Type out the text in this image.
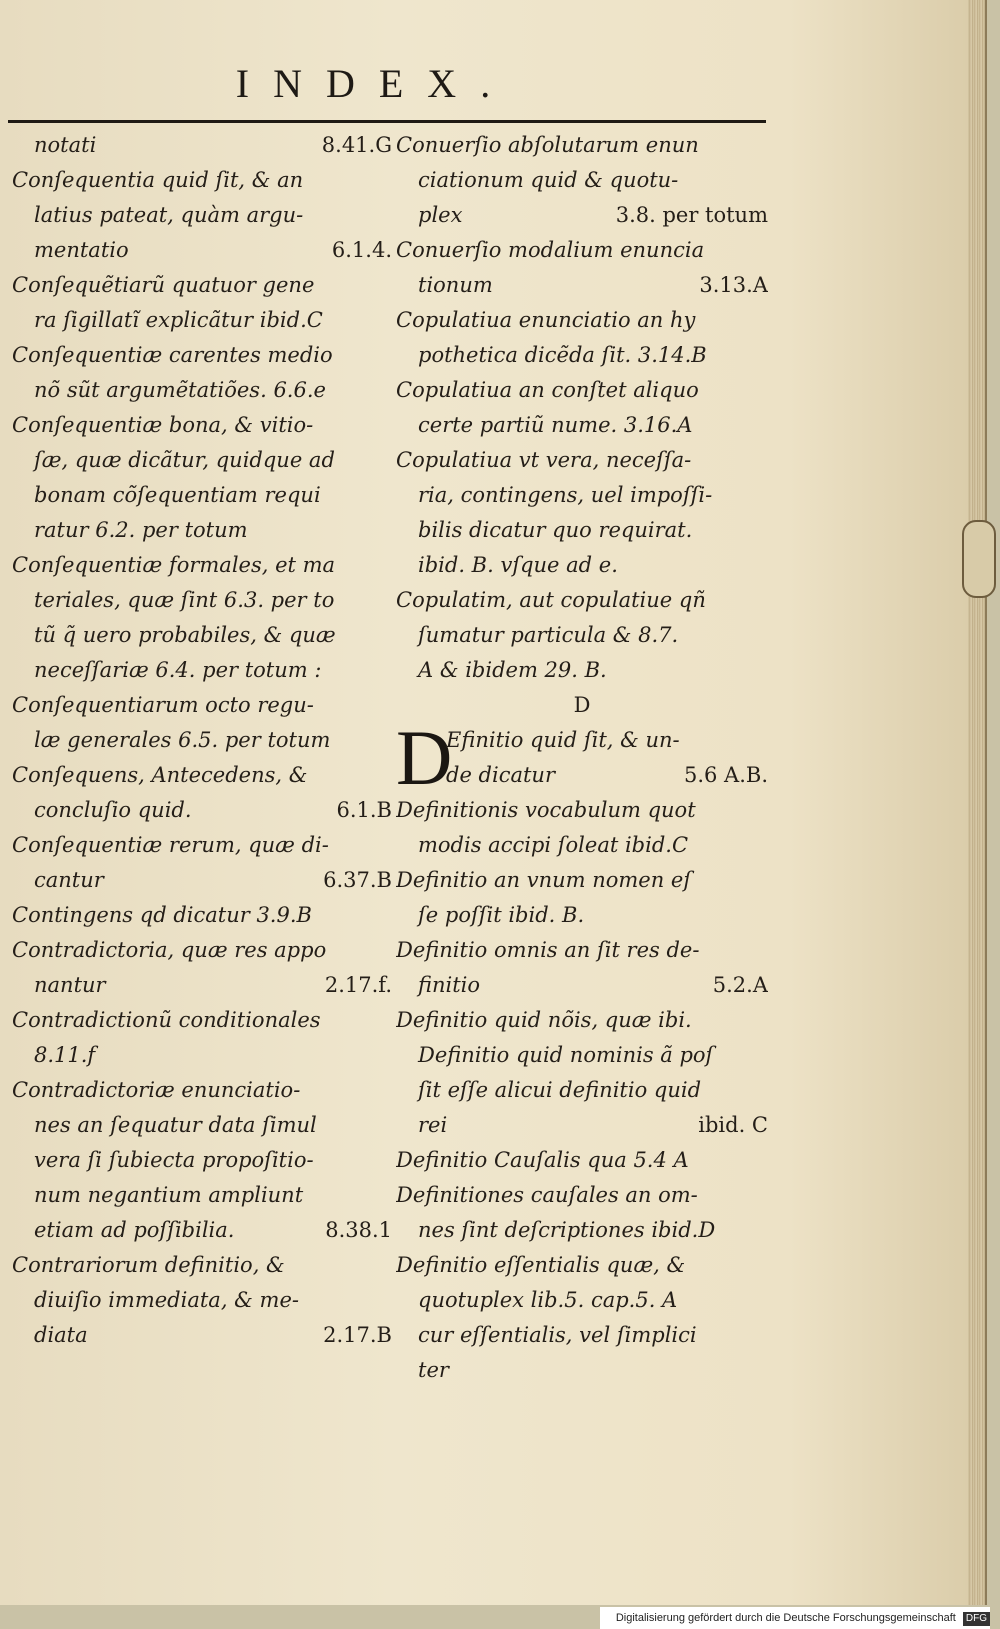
INDEX.
notati	8.41.G
Conſequentia quid ſit, & an
latius pateat, quàm argu-
mentatio	6.1.4.
Conſequẽtiarũ quatuor gene
ra ſigillatĩ explicãtur ibid.C
Conſequentiæ carentes medio
nõ sũt argumẽtatiões. 6.6.e
Conſequentiæ bona, & vitio-
ſæ, quæ dicãtur, quidque ad
bonam cõſequentiam requi
ratur 6.2. per totum
Conſequentiæ formales, et ma
teriales, quæ ſint 6.3. per to
tũ q̃ uero probabiles, & quæ
neceſſariæ 6.4. per totum :
Conſequentiarum octo regu-
læ generales 6.5. per totum
Conſequens, Antecedens, &
concluſio quid.	6.1.B
Conſequentiæ rerum, quæ di-
cantur	6.37.B
Contingens qd dicatur 3.9.B
Contradictoria, quæ res appo
nantur	2.17.f.
Contradictionũ conditionales
8.11.f
Contradictoriæ enunciatio-
nes an ſequatur data ſimul
vera ſi ſubiecta propoſitio-
num negantium ampliunt
etiam ad poſſibilia.	8.38.1
Contrariorum definitio, &
diuiſio immediata, & me-
diata	2.17.B
Conuerſio abſolutarum enun
ciationum quid & quotu-
plex	3.8. per totum
Conuerſio modalium enuncia
tionum	3.13.A
Copulatiua enunciatio an hy
pothetica dicẽda ſit. 3.14.B
Copulatiua an conſtet aliquo
certe partiũ nume. 3.16.A
Copulatiua vt vera, neceſſa-
ria, contingens, uel impoſſi-
bilis dicatur quo requirat.
ibid. B. vſque ad e.
Copulatim, aut copulatiue qñ
ſumatur particula & 8.7.
A & ibidem 29. B.
D
D
Efinitio quid ſit, & un-
de dicatur	5.6 A.B.
Definitionis vocabulum quot
modis accipi ſoleat ibid.C
Definitio an vnum nomen eſ
ſe poſſit ibid. B.
Definitio omnis an ſit res de-
finitio	5.2.A
Definitio quid nõis, quæ ibi.
Definitio quid nominis ã poſ
ſit eſſe alicui definitio quid
rei	ibid. C
Definitio Cauſalis qua 5.4 A
Definitiones cauſales an om-
nes ſint deſcriptiones ibid.D
Definitio eſſentialis quæ, &
quotuplex lib.5. cap.5. A
cur eſſentialis, vel ſimplici
ter
Digitalisierung gefördert durch die Deutsche Forschungsgemeinschaft DFG
